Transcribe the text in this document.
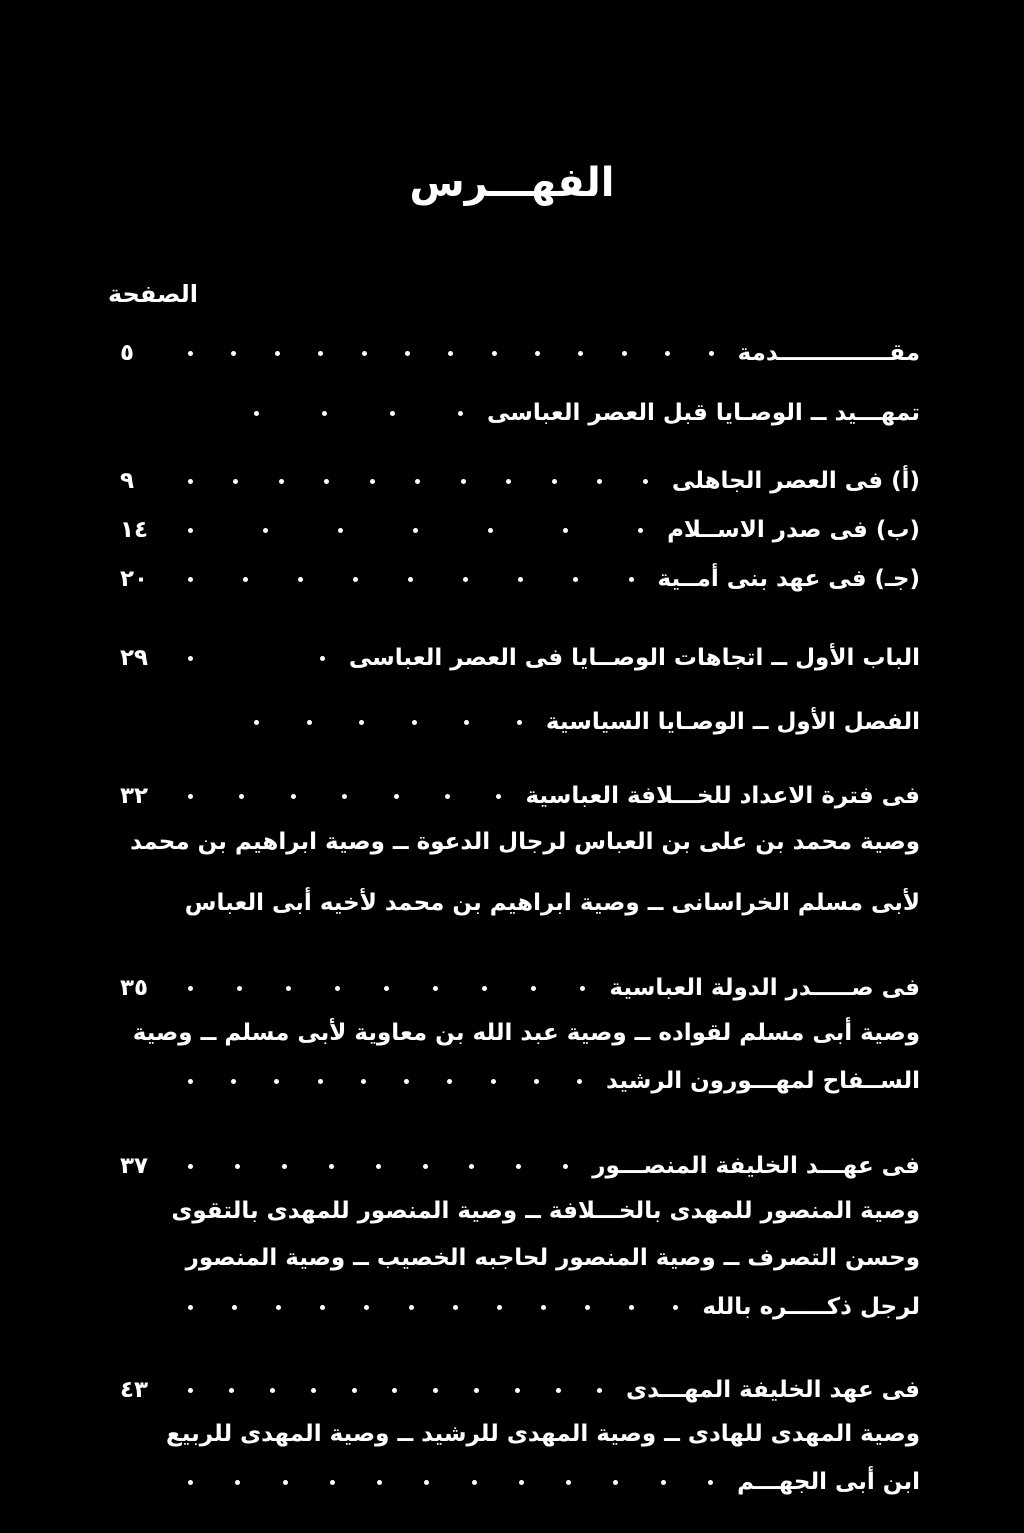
الفهـــرس
الصفحة
٥	مقــــــــــــــدمة
تمهـــيد ــ الوصـايا قبل العصر العباسى
٩	(أ) فى العصر الجاهلى
١٤	(ب) فى صدر الاســلام
٢٠	(جـ) فى عهد بنى أمــية
٢٩	الباب الأول ــ اتجاهات الوصــايا فى العصر العباسى
الفصل الأول ــ الوصـايا السياسية
٣٢	فى فترة الاعداد للخـــلافة العباسية
وصية محمد بن على بن العباس لرجال الدعوة ــ وصية ابراهيم بن محمد
لأبى مسلم الخراسانى ــ وصية ابراهيم بن محمد لأخيه أبى العباس
٣٥	فى صـــــدر الدولة العباسية
وصية أبى مسلم لقواده ــ وصية عبد الله بن معاوية لأبى مسلم ــ وصية
الســفاح لمهـــورون الرشيد
٣٧	فى عهـــد الخليفة المنصـــور
وصية المنصور للمهدى بالخـــلافة ــ وصية المنصور للمهدى بالتقوى
وحسن التصرف ــ وصية المنصور لحاجبه الخصيب ــ وصية المنصور
لرجل ذكـــــره بالله
٤٣	فى عهد الخليفة المهـــدى
وصية المهدى للهادى ــ وصية المهدى للرشيد ــ وصية المهدى للربيع
ابن أبى الجهـــم
